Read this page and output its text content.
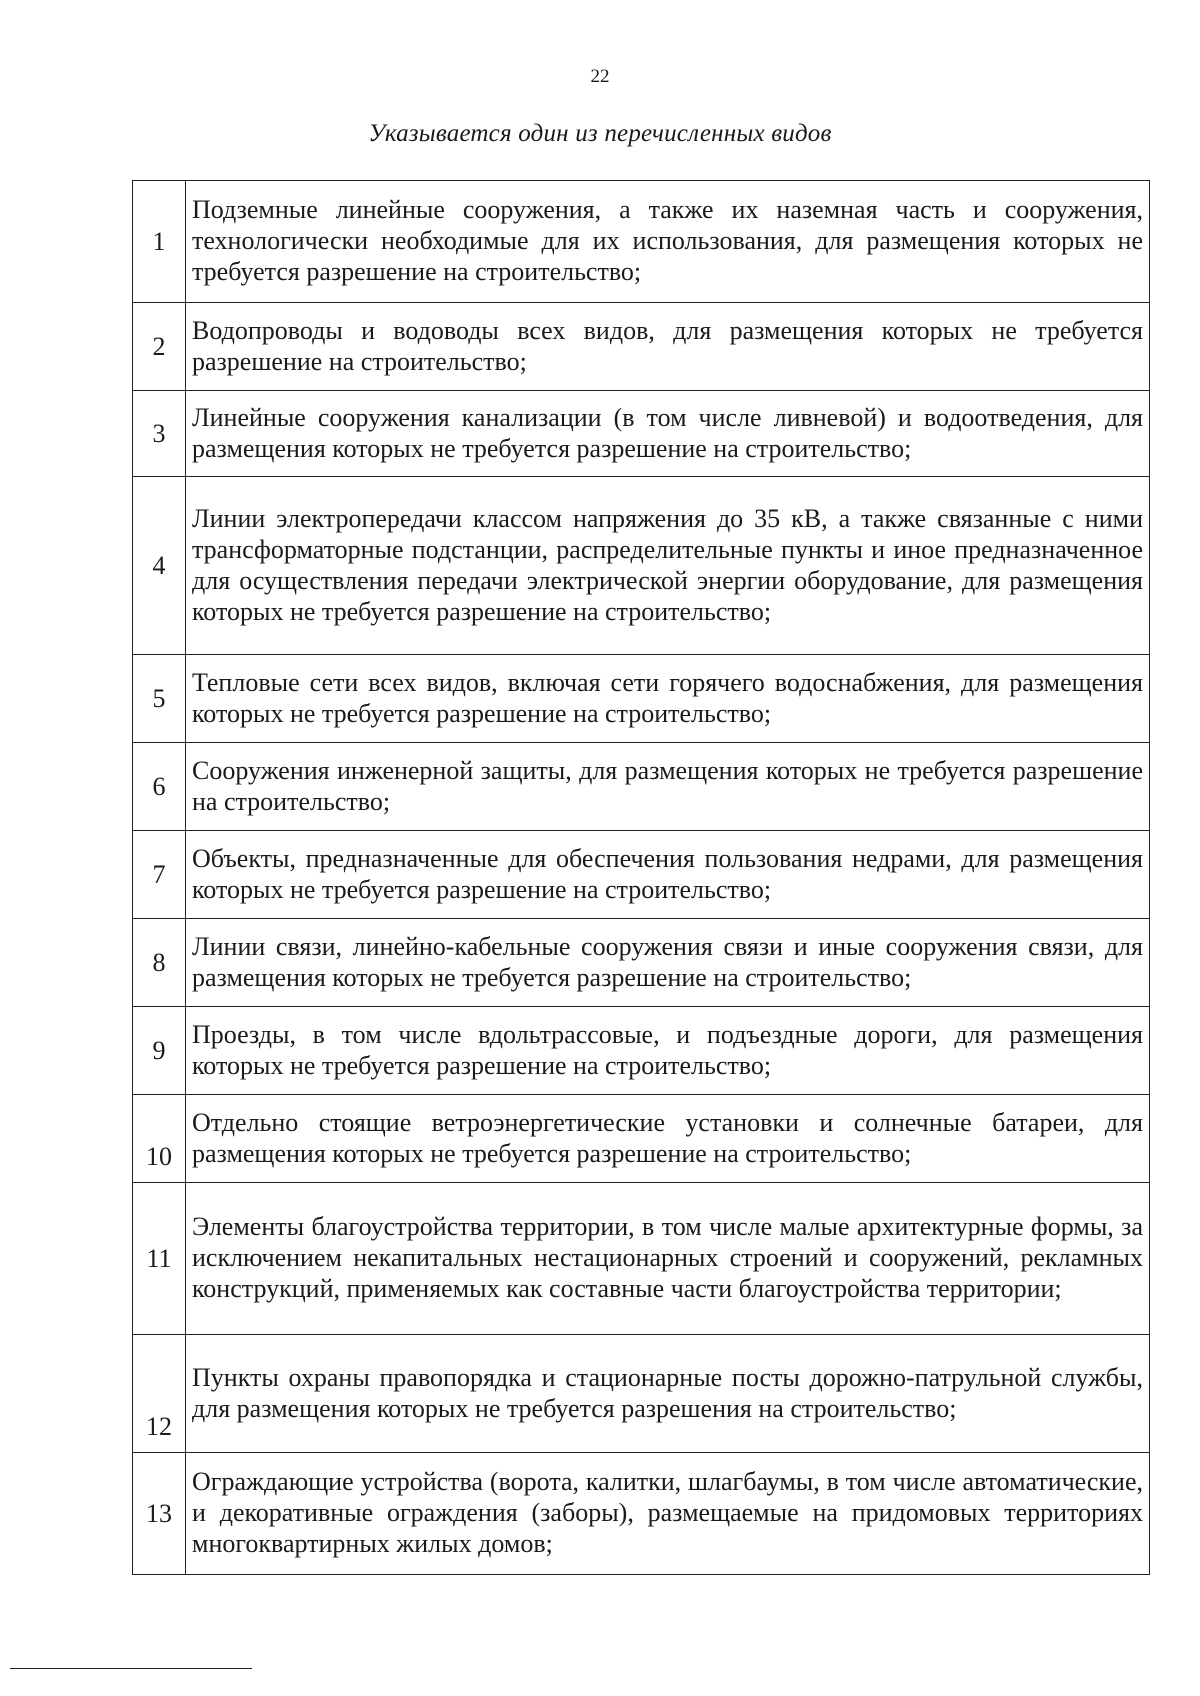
22
Указывается один из перечисленных видов
1	Подземные линейные сооружения, а также их наземная часть и сооружения, технологически необходимые для их использования, для размещения которых не требуется разрешение на строительство;
2	Водопроводы и водоводы всех видов, для размещения которых не требуется разрешение на строительство;
3	Линейные сооружения канализации (в том числе ливневой) и водоотведения, для размещения которых не требуется разрешение на строительство;
4	Линии электропередачи классом напряжения до 35 кВ, а также связанные с ними трансформаторные подстанции, распределительные пункты и иное предназначенное для осуществления передачи электрической энергии оборудование, для размещения которых не требуется разрешение на строительство;
5	Тепловые сети всех видов, включая сети горячего водоснабжения, для размещения которых не требуется разрешение на строительство;
6	Сооружения инженерной защиты, для размещения которых не требуется разрешение на строительство;
7	Объекты, предназначенные для обеспечения пользования недрами, для размещения которых не требуется разрешение на строительство;
8	Линии связи, линейно-кабельные сооружения связи и иные сооружения связи, для размещения которых не требуется разрешение на строительство;
9	Проезды, в том числе вдольтрассовые, и подъездные дороги, для размещения которых не требуется разрешение на строительство;
10	Отдельно стоящие ветроэнергетические установки и солнечные батареи, для размещения которых не требуется разрешение на строительство;
11	Элементы благоустройства территории, в том числе малые архитектурные формы, за исключением некапитальных нестационарных строений и сооружений, рекламных конструкций, применяемых как составные части благоустройства территории;
12	Пункты охраны правопорядка и стационарные посты дорожно-патрульной службы, для размещения которых не требуется разрешения на строительство;
13	Ограждающие устройства (ворота, калитки, шлагбаумы, в том числе автоматические, и декоративные ограждения (заборы), размещаемые на придомовых территориях многоквартирных жилых домов;
